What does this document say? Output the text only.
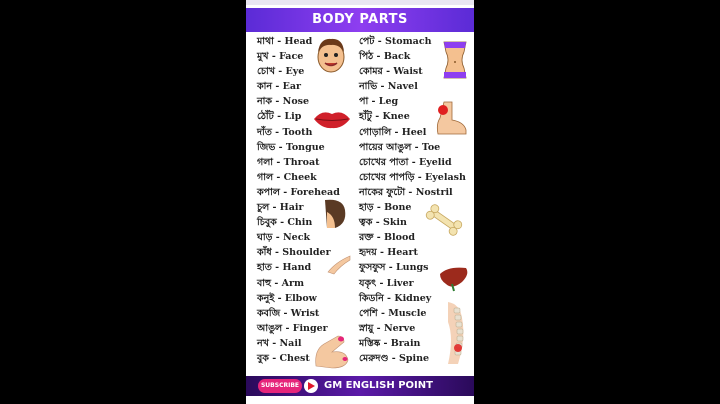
BODY PARTS
মাথা - Head
মুখ - Face
চোখ - Eye
কান - Ear
নাক - Nose
ঠোঁট - Lip
দাঁত - Tooth
জিভ - Tongue
গলা - Throat
গাল - Cheek
কপাল - Forehead
চুল - Hair
চিবুক - Chin
ঘাড় - Neck
কাঁধ - Shoulder
হাত - Hand
বাহু - Arm
কনুই - Elbow
কবজি - Wrist
আঙুল - Finger
নখ - Nail
বুক - Chest
পেট - Stomach
পিঠ - Back
কোমর - Waist
নাভি - Navel
পা - Leg
হাঁটু - Knee
গোড়ালি - Heel
পায়ের আঙুল - Toe
চোখের পাতা - Eyelid
চোখের পাপড়ি - Eyelash
নাকের ফুটো - Nostril
হাড় - Bone
ত্বক - Skin
রক্ত - Blood
হৃদয় - Heart
ফুসফুস - Lungs
যকৃৎ - Liver
কিডনি - Kidney
পেশি - Muscle
স্নায়ু - Nerve
মস্তিষ্ক - Brain
মেরুদণ্ড - Spine
SUBSCRIBE	GM ENGLISH POINT
